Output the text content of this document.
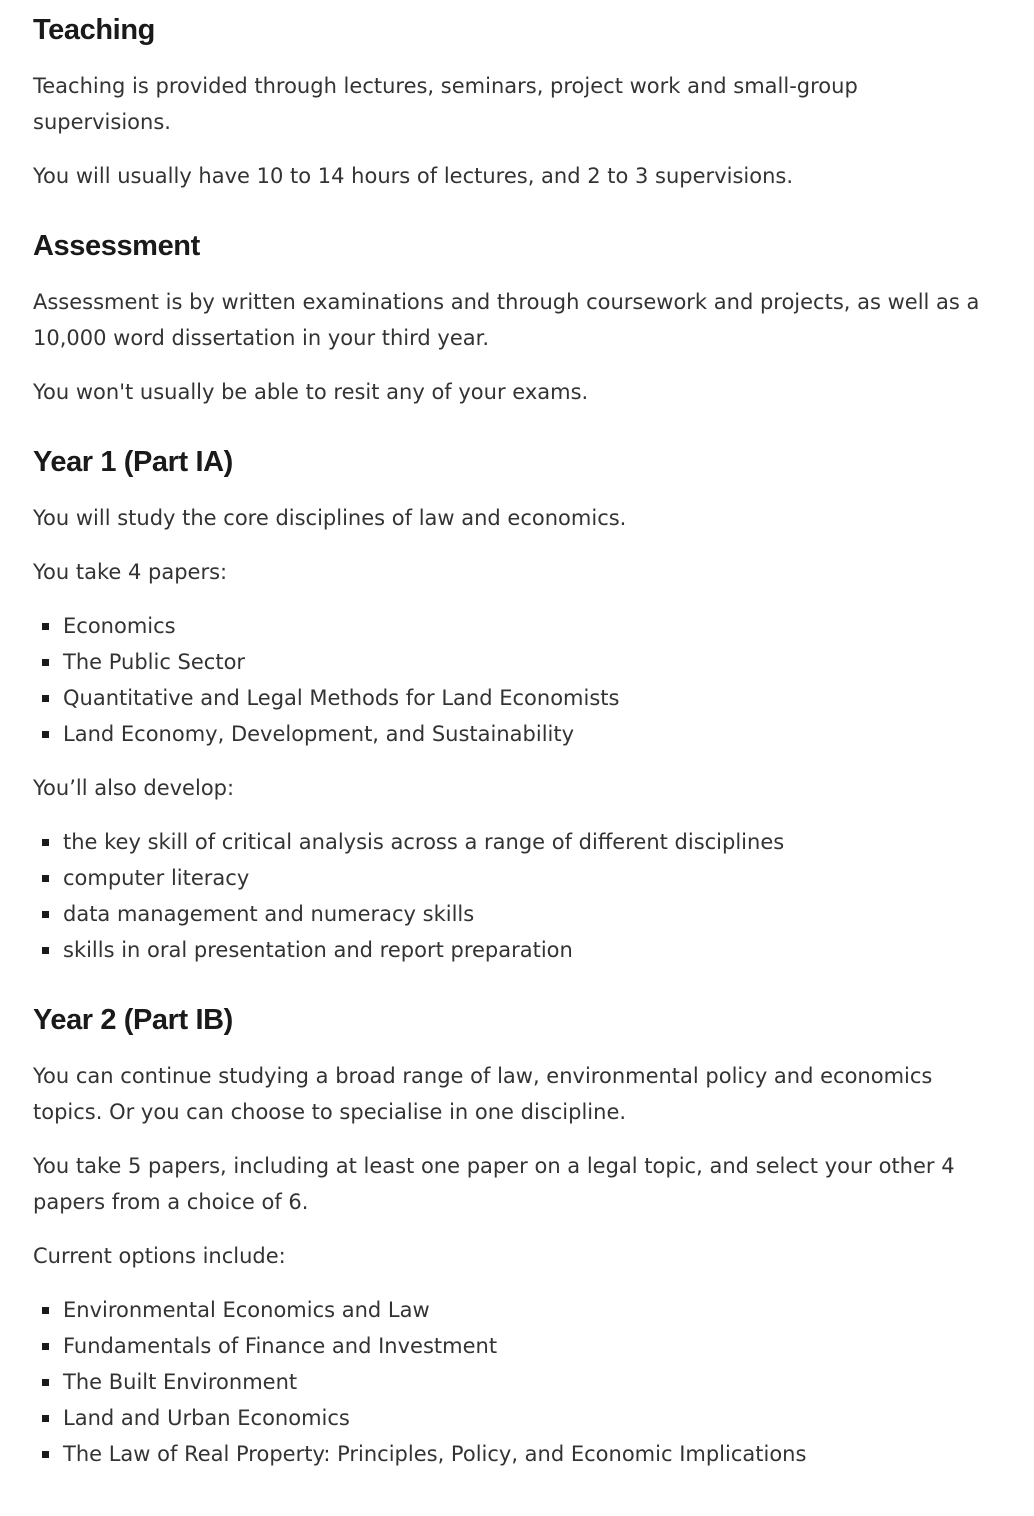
Teaching

Teaching is provided through lectures, seminars, project work and small-group supervisions.

You will usually have 10 to 14 hours of lectures, and 2 to 3 supervisions.

Assessment

Assessment is by written examinations and through coursework and projects, as well as a 10,000 word dissertation in your third year.

You won't usually be able to resit any of your exams.

Year 1 (Part IA)

You will study the core disciplines of law and economics.

You take 4 papers:

Economics
The Public Sector
Quantitative and Legal Methods for Land Economists
Land Economy, Development, and Sustainability

You’ll also develop:

the key skill of critical analysis across a range of different disciplines
computer literacy
data management and numeracy skills
skills in oral presentation and report preparation
Year 2 (Part IB)

You can continue studying a broad range of law, environmental policy and economics topics. Or you can choose to specialise in one discipline.

You take 5 papers, including at least one paper on a legal topic, and select your other 4 papers from a choice of 6.

Current options include:

Environmental Economics and Law
Fundamentals of Finance and Investment
The Built Environment
Land and Urban Economics
The Law of Real Property: Principles, Policy, and Economic Implications
